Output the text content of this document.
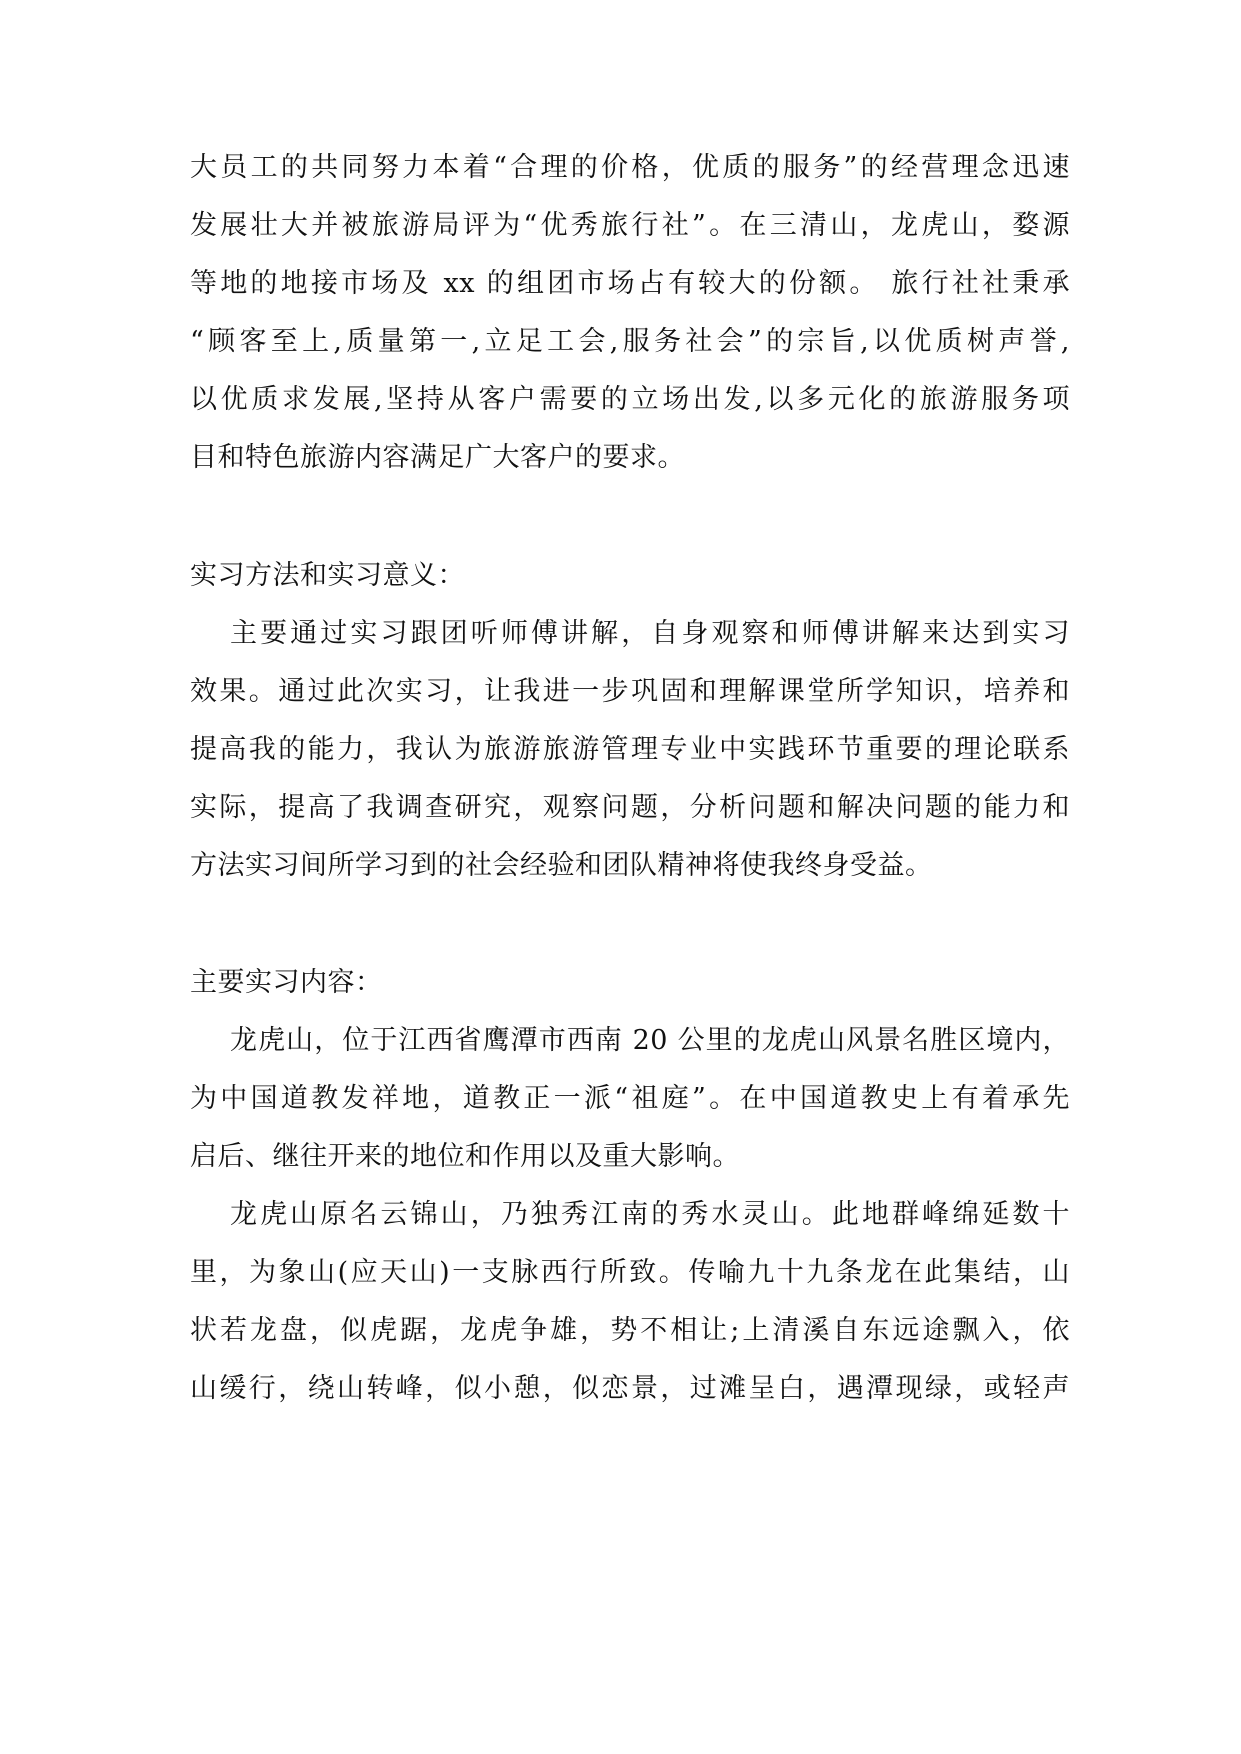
大员工的共同努力本着“合理的价格，优质的服务”的经营理念迅速
发展壮大并被旅游局评为“优秀旅行社”。在三清山，龙虎山，婺源
等地的地接市场及 xx 的组团市场占有较大的份额。 旅行社社秉承
“顾客至上,质量第一,立足工会,服务社会”的宗旨,以优质树声誉,
以优质求发展,坚持从客户需要的立场出发,以多元化的旅游服务项
目和特色旅游内容满足广大客户的要求。
实习方法和实习意义：
主要通过实习跟团听师傅讲解，自身观察和师傅讲解来达到实习
效果。通过此次实习，让我进一步巩固和理解课堂所学知识，培养和
提高我的能力，我认为旅游旅游管理专业中实践环节重要的理论联系
实际，提高了我调查研究，观察问题，分析问题和解决问题的能力和
方法实习间所学习到的社会经验和团队精神将使我终身受益。
主要实习内容：
龙虎山，位于江西省鹰潭市西南 20 公里的龙虎山风景名胜区境内，
为中国道教发祥地，道教正一派“祖庭”。在中国道教史上有着承先
启后、继往开来的地位和作用以及重大影响。
龙虎山原名云锦山，乃独秀江南的秀水灵山。此地群峰绵延数十
里，为象山(应天山)一支脉西行所致。传喻九十九条龙在此集结，山
状若龙盘，似虎踞，龙虎争雄，势不相让;上清溪自东远途飘入，依
山缓行，绕山转峰，似小憩，似恋景，过滩呈白，遇潭现绿，或轻声
